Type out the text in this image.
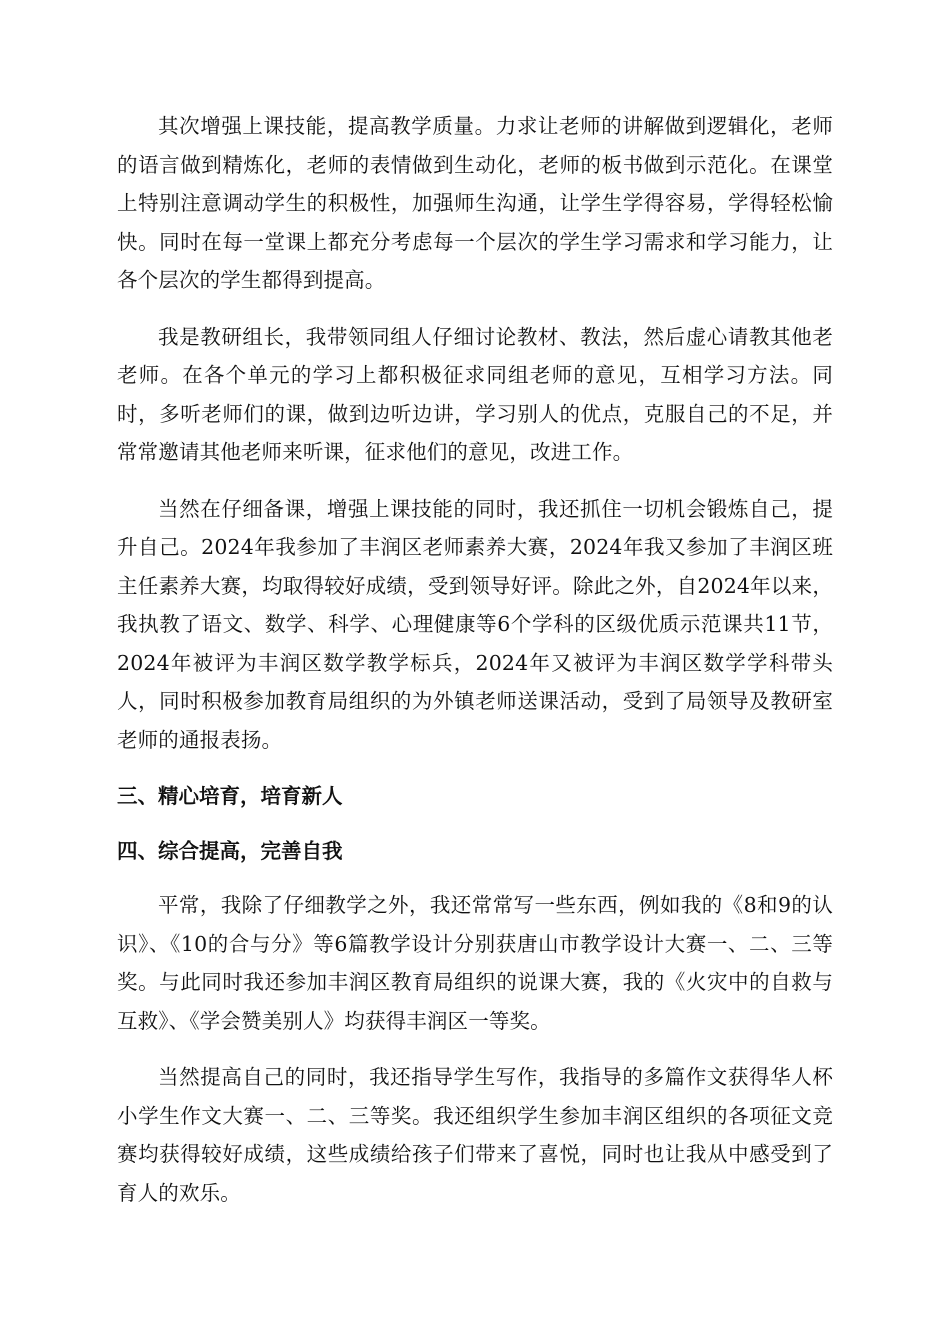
其次增强上课技能，提高教学质量。力求让老师的讲解做到逻辑化，老师的语言做到精炼化，老师的表情做到生动化，老师的板书做到示范化。在课堂上特别注意调动学生的积极性，加强师生沟通，让学生学得容易，学得轻松愉快。同时在每一堂课上都充分考虑每一个层次的学生学习需求和学习能力，让各个层次的学生都得到提高。

我是教研组长，我带领同组人仔细讨论教材、教法，然后虚心请教其他老老师。在各个单元的学习上都积极征求同组老师的意见，互相学习方法。同时，多听老师们的课，做到边听边讲，学习别人的优点，克服自己的不足，并常常邀请其他老师来听课，征求他们的意见，改进工作。

当然在仔细备课，增强上课技能的同时，我还抓住一切机会锻炼自己，提升自己。2024年我参加了丰润区老师素养大赛，2024年我又参加了丰润区班主任素养大赛，均取得较好成绩，受到领导好评。除此之外，自2024年以来，我执教了语文、数学、科学、心理健康等6个学科的区级优质示范课共11节，2024年被评为丰润区数学教学标兵，2024年又被评为丰润区数学学科带头人，同时积极参加教育局组织的为外镇老师送课活动，受到了局领导及教研室老师的通报表扬。

三、精心培育，培育新人
四、综合提高，完善自我

平常，我除了仔细教学之外，我还常常写一些东西，例如我的《8和9的认识》、《10的合与分》等6篇教学设计分别获唐山市教学设计大赛一、二、三等奖。与此同时我还参加丰润区教育局组织的说课大赛，我的《火灾中的自救与互救》、《学会赞美别人》均获得丰润区一等奖。

当然提高自己的同时，我还指导学生写作，我指导的多篇作文获得华人杯小学生作文大赛一、二、三等奖。我还组织学生参加丰润区组织的各项征文竞赛均获得较好成绩，这些成绩给孩子们带来了喜悦，同时也让我从中感受到了育人的欢乐。
